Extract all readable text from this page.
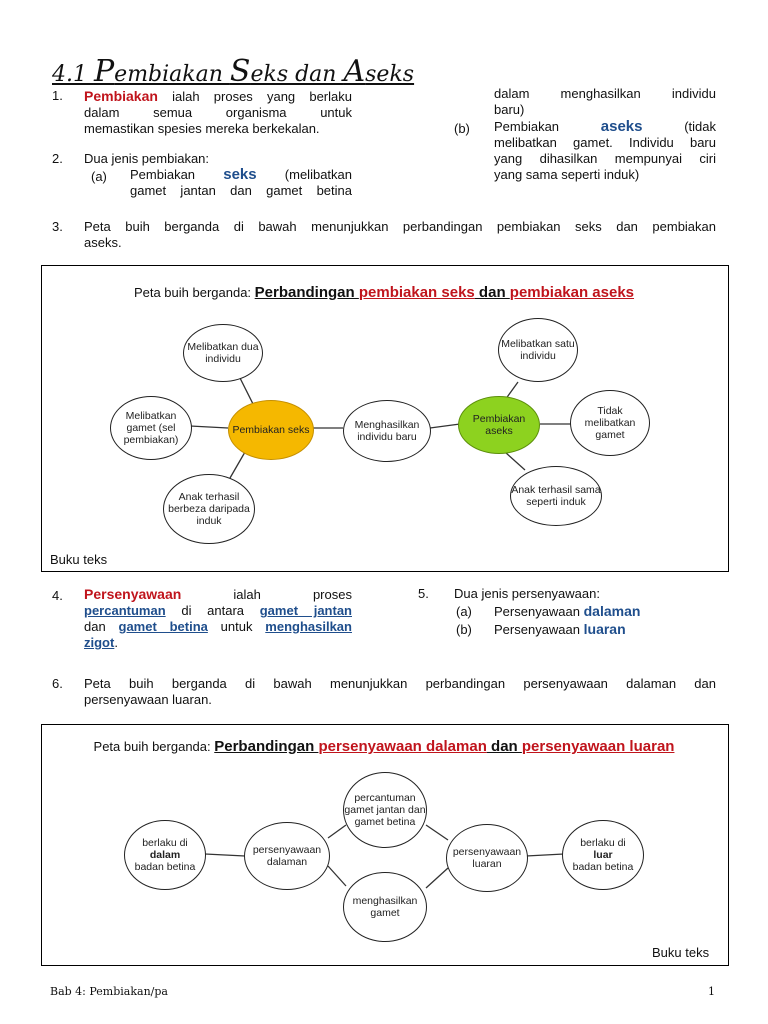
4.1 Pembiakan Seks dan Aseks
1. Pembiakan ialah proses yang berlaku
dalam semua organisma untuk
memastikan spesies mereka berkekalan.
2. Dua jenis pembiakan:
(a) Pembiakan seks (melibatkan
gamet jantan dan gamet betina
dalam menghasilkan individu
baru)
(b) Pembiakan	aseks	(tidak
melibatkan gamet. Individu baru
yang dihasilkan mempunyai ciri
yang sama seperti induk)
3. Peta buih berganda di bawah menunjukkan perbandingan pembiakan seks dan pembiakan
aseks.
Peta buih berganda: Perbandingan pembiakan seks dan pembiakan aseks
Melibatkan dua individu
Melibatkan gamet (sel pembiakan)
Anak terhasil berbeza daripada induk
Pembiakan seks	Menghasilkan individu baru
Pembiakan aseks
Melibatkan satu individu
Tidak melibatkan gamet
Anak terhasil sama seperti induk
Buku teks
4. Persenyawaan	ialah	proses
percantuman di antara gamet jantan
dan gamet betina untuk menghasilkan
zigot.
5. Dua jenis persenyawaan:
(a) Persenyawaan dalaman
(b) Persenyawaan luaran
6. Peta buih berganda di bawah menunjukkan perbandingan persenyawaan dalaman dan
persenyawaan luaran.
Peta buih berganda: Perbandingan persenyawaan dalaman dan persenyawaan luaran
berlaku di
dalam
badan betina
persenyawaan dalaman
percantuman gamet jantan dan gamet betina
menghasilkan gamet
persenyawaan luaran
berlaku di
luar
badan betina
Buku teks
Bab 4: Pembiakan/pa	1
